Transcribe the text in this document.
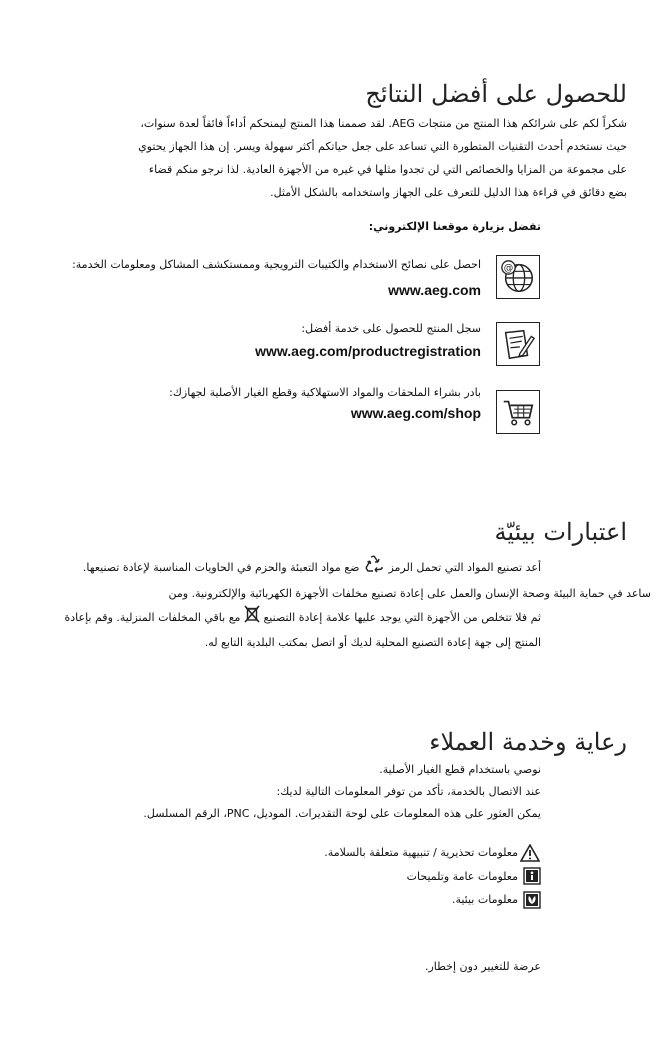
للحصول على أفضل النتائج
شكراً لكم على شرائكم هذا المنتج من منتجات AEG. لقد صممنا هذا المنتج ليمنحكم أداءاً فائقاً لعدة سنوات،
حيث نستخدم أحدث التقنيات المتطورة التي تساعد على جعل حياتكم أكثر سهولة ويسر. إن هذا الجهاز يحتوي
على مجموعة من المزايا والخصائص التي لن تجدوا مثلها في غيره من الأجهزة العادية. لذا نرجو منكم قضاء
بضع دقائق في قراءة هذا الدليل للتعرف على الجهاز واستخدامه بالشكل الأمثل.
تفضل بزيارة موقعنا الإلكتروني:
احصل على نصائح الاستخدام والكتيبات الترويجية وممستكشف المشاكل ومعلومات الخدمة:
www.aeg.com
@
سجل المنتج للحصول على خدمة أفضل:
www.aeg.com/productregistration
بادر بشراء الملحقات والمواد الاستهلاكية وقطع الغيار الأصلية لجهازك:
www.aeg.com/shop
اعتبارات بيئيّة
أعد تصنيع المواد التي تحمل الرمز  ضع مواد التعبئة والحزم في الحاويات المناسبة لإعادة تصنيعها.
ساعد في حماية البيئة وصحة الإنسان والعمل على إعادة تصنيع مخلفات الأجهزة الكهربائية والإلكترونية. ومن
ثم فلا تتخلص من الأجهزة التي يوجد عليها علامة إعادة التصنيع  مع باقي المخلفات المنزلية. وقم بإعادة
المنتج إلى جهة إعادة التصنيع المحلية لديك أو اتصل بمكتب البلدية التابع له.
رعاية وخدمة العملاء
نوصي باستخدام قطع الغيار الأصلية.
عند الاتصال بالخدمة، تأكد من توفر المعلومات التالية لديك:
يمكن العثور على هذه المعلومات على لوحة التقديرات. الموديل، PNC، الرقم المسلسل.
معلومات تحذيرية / تنبيهية متعلقة بالسلامة.
معلومات عامة وتلميحات
معلومات بيئية.
عرضة للتغيير دون إخطار.
